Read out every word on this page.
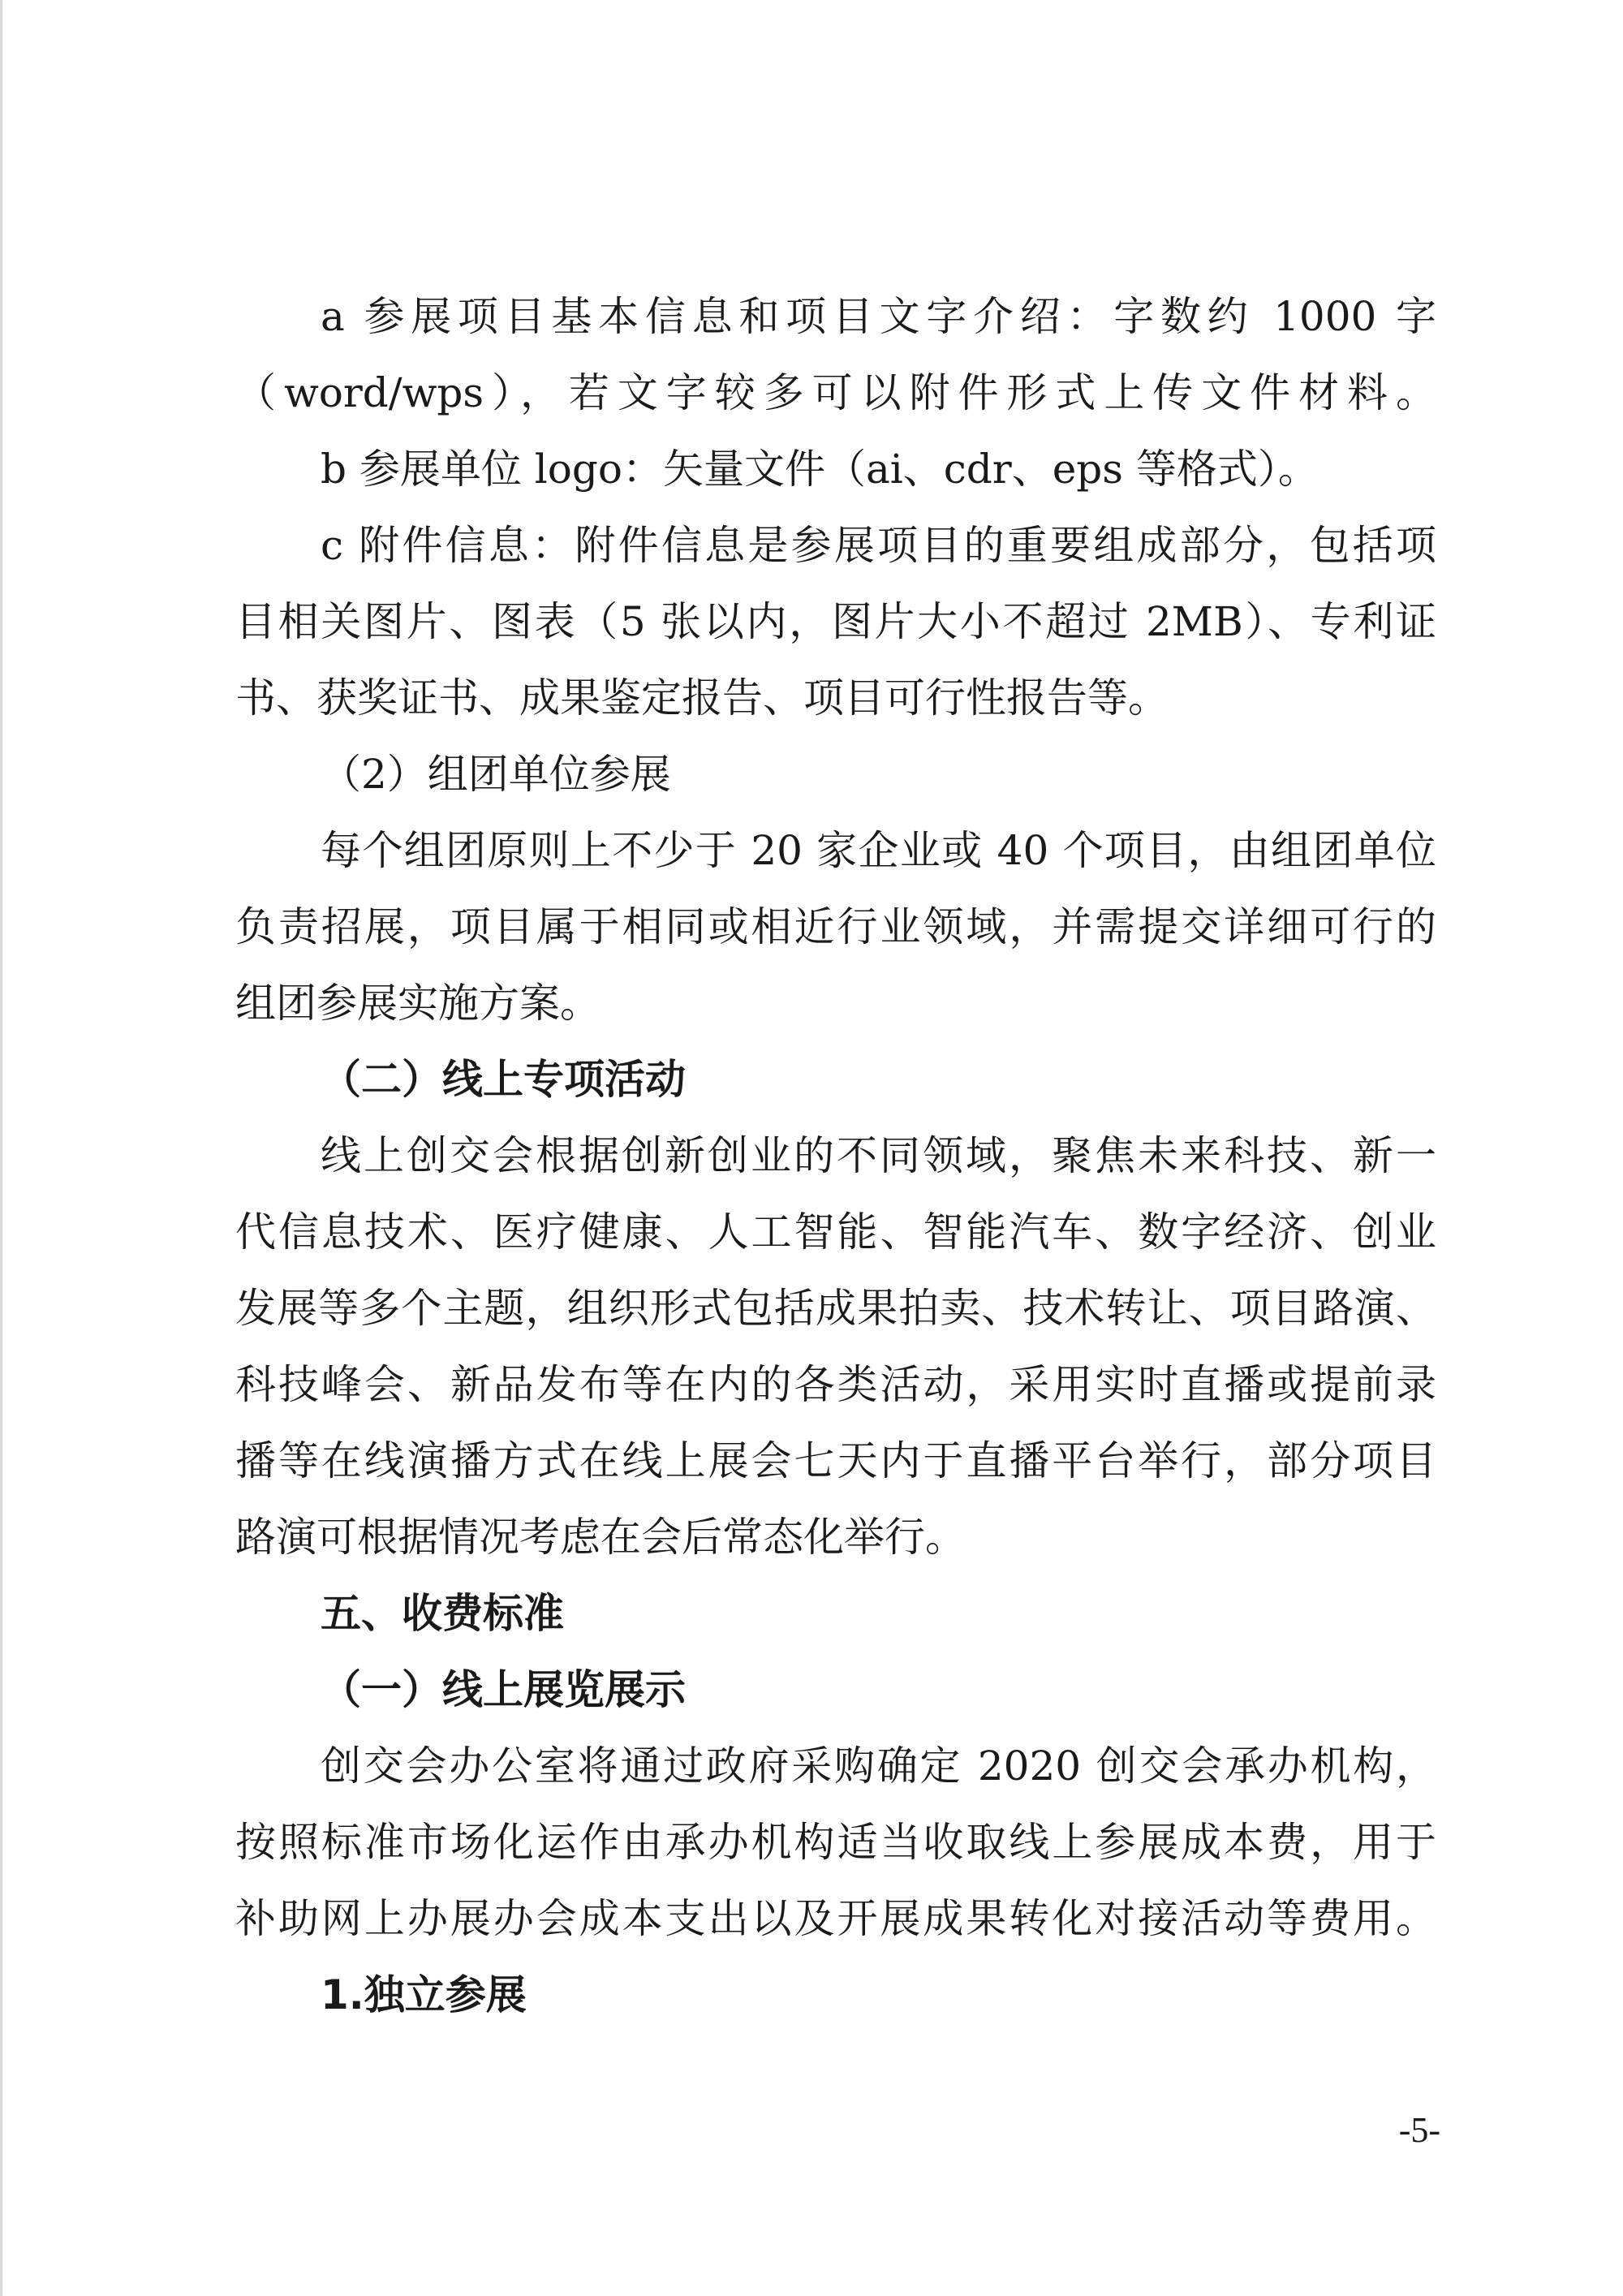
a 参展项目基本信息和项目文字介绍：字数约 1000 字
（word/wps），若文字较多可以附件形式上传文件材料。
b 参展单位 logo：矢量文件（ai、cdr、eps 等格式）。
c 附件信息：附件信息是参展项目的重要组成部分，包括项
目相关图片、图表（5 张以内，图片大小不超过 2MB）、专利证
书、获奖证书、成果鉴定报告、项目可行性报告等。
（2）组团单位参展
每个组团原则上不少于 20 家企业或 40 个项目，由组团单位
负责招展，项目属于相同或相近行业领域，并需提交详细可行的
组团参展实施方案。
（二）线上专项活动
线上创交会根据创新创业的不同领域，聚焦未来科技、新一
代信息技术、医疗健康、人工智能、智能汽车、数字经济、创业
发展等多个主题，组织形式包括成果拍卖、技术转让、项目路演、
科技峰会、新品发布等在内的各类活动，采用实时直播或提前录
播等在线演播方式在线上展会七天内于直播平台举行，部分项目
路演可根据情况考虑在会后常态化举行。
五、收费标准
（一）线上展览展示
创交会办公室将通过政府采购确定 2020 创交会承办机构，
按照标准市场化运作由承办机构适当收取线上参展成本费，用于
补助网上办展办会成本支出以及开展成果转化对接活动等费用。
1.独立参展
-5-
